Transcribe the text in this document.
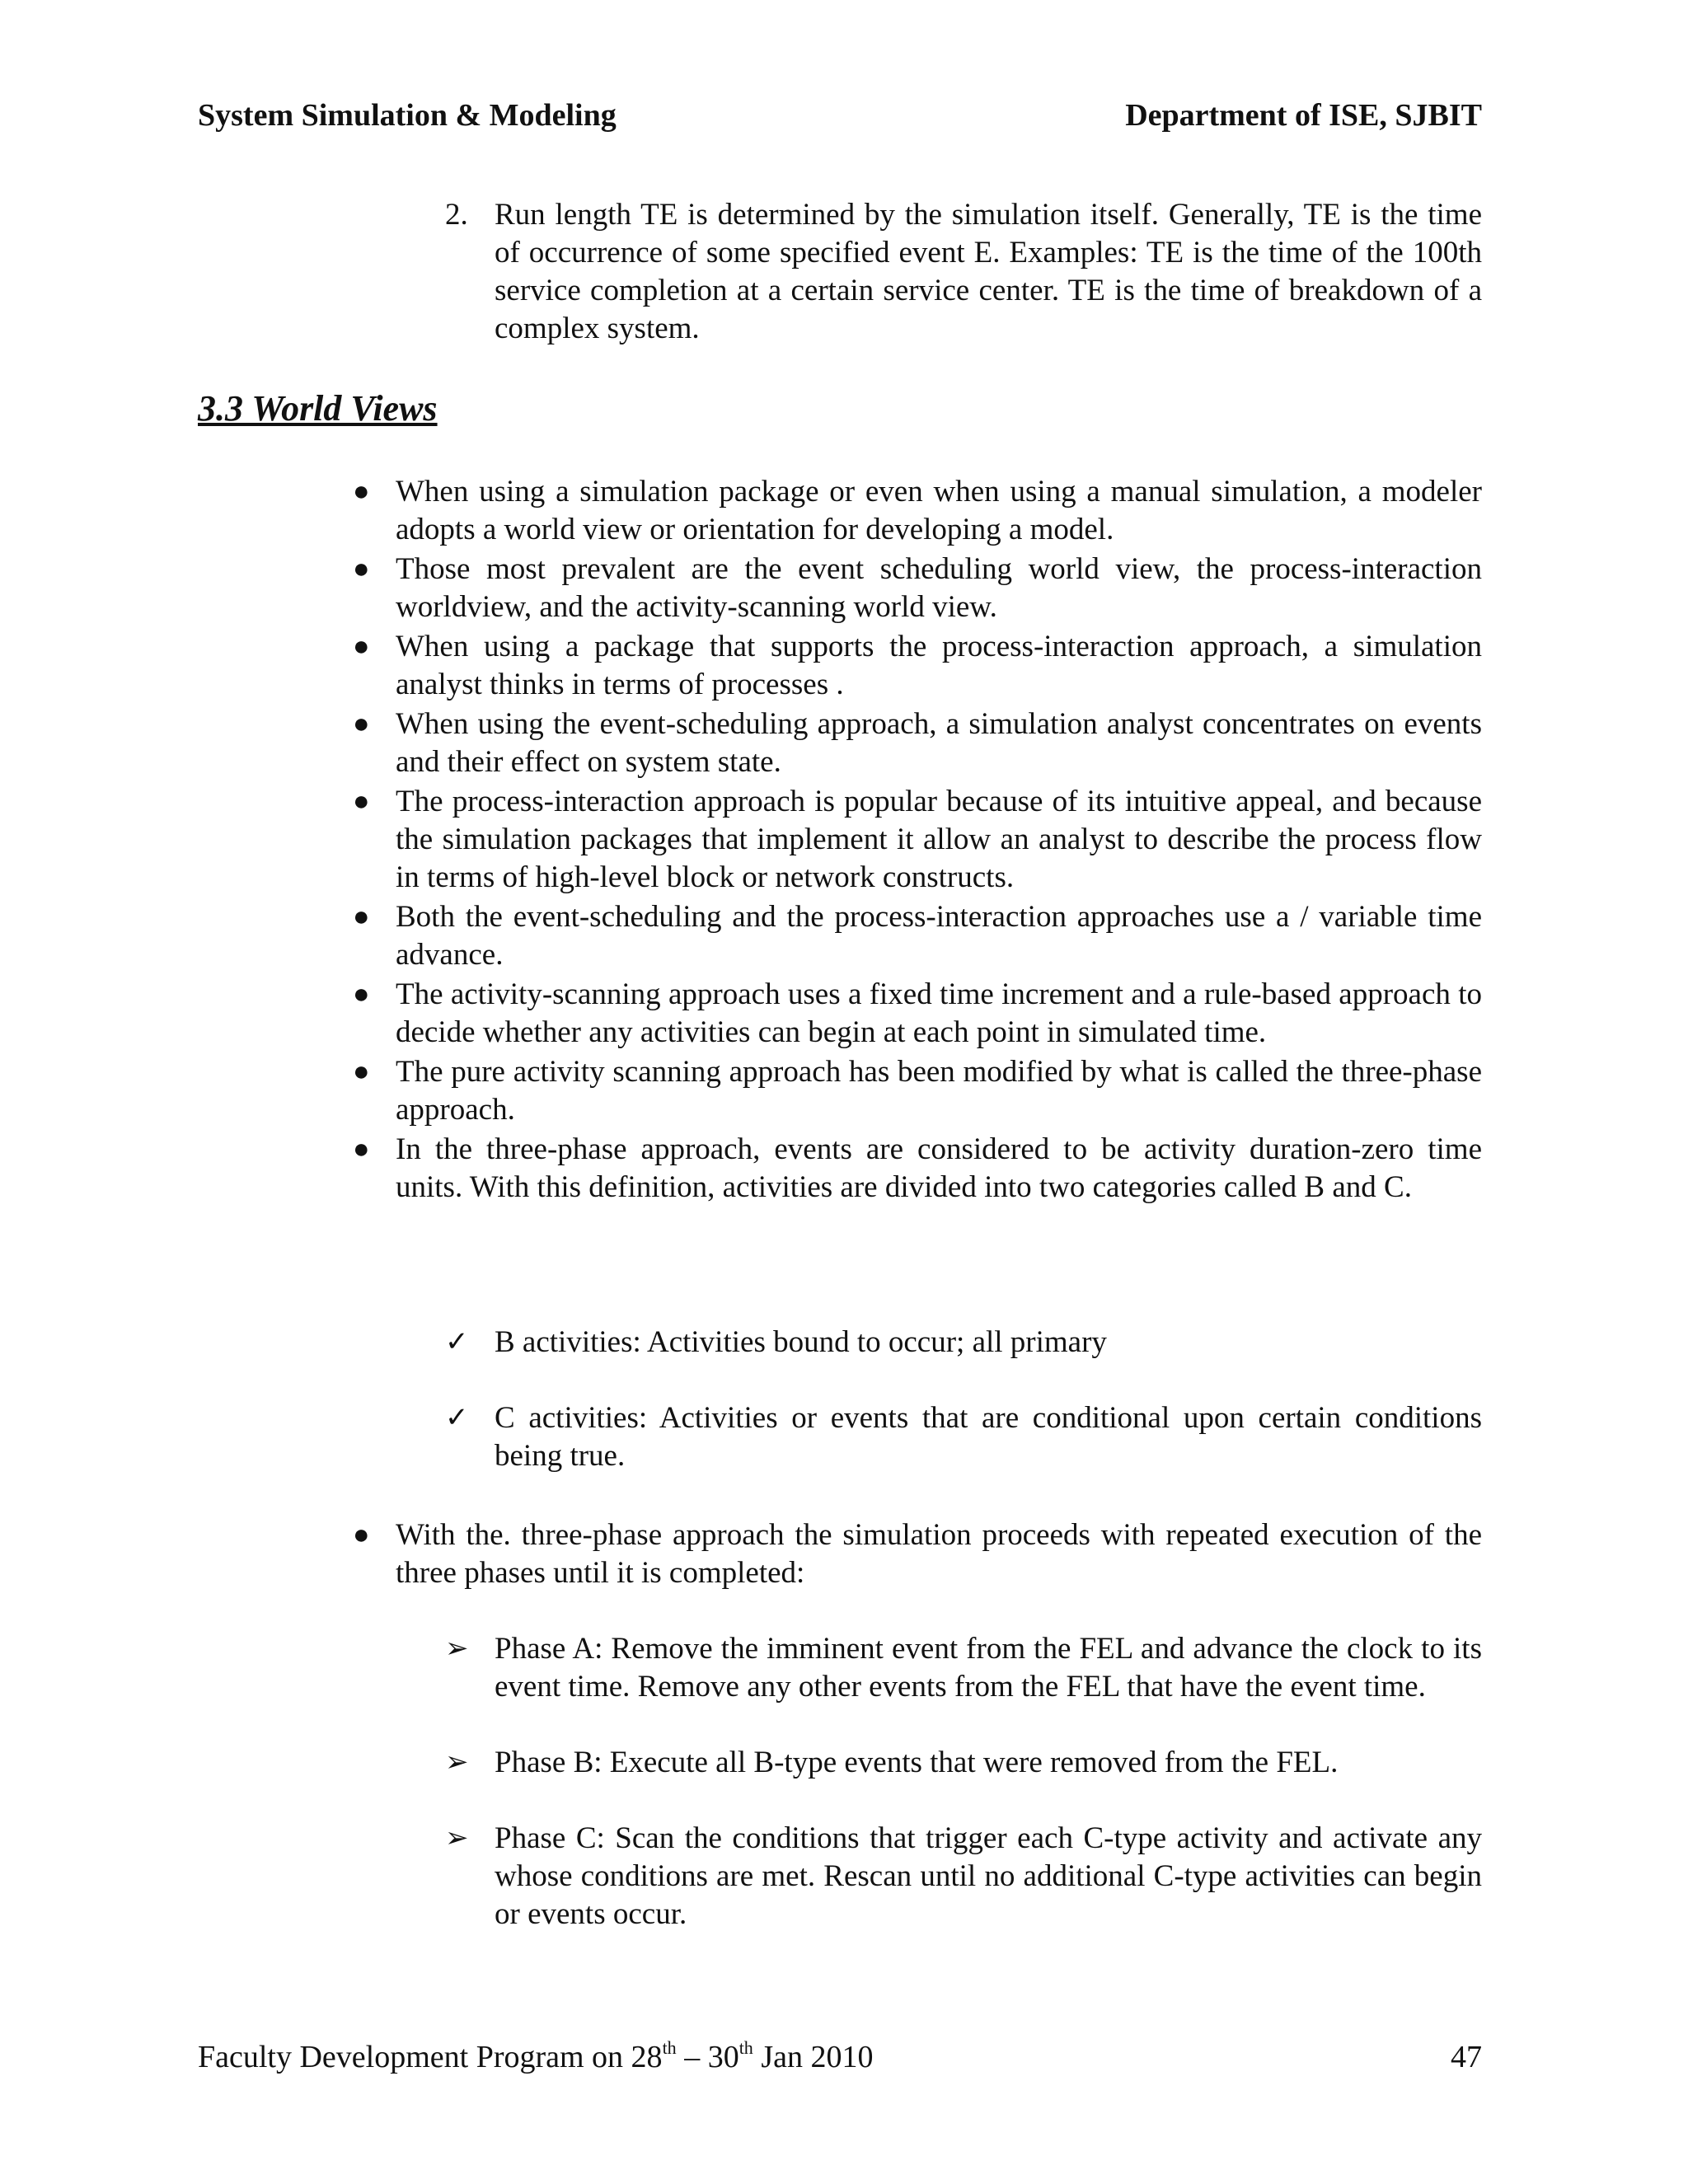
System Simulation & Modeling	Department of ISE, SJBIT
2. Run length TE is determined by the simulation itself. Generally, TE is the time of occurrence of some specified event E. Examples: TE is the time of the 100th service completion at a certain service center. TE is the time of breakdown of a complex system.
3.3 World Views
● When using a simulation package or even when using a manual simulation, a modeler adopts a world view or orientation for developing a model.
● Those most prevalent are the event scheduling world view, the process-interaction worldview, and the activity-scanning world view.
● When using a package that supports the process-interaction approach, a simulation analyst thinks in terms of processes .
● When using the event-scheduling approach, a simulation analyst concentrates on events and their effect on system state.
● The process-interaction approach is popular because of its intuitive appeal, and because the simulation packages that implement it allow an analyst to describe the process flow in terms of high-level block or network constructs.
● Both the event-scheduling and the process-interaction approaches use a / variable time advance.
● The activity-scanning approach uses a fixed time increment and a rule-based approach to decide whether any activities can begin at each point in simulated time.
● The pure activity scanning approach has been modified by what is called the three-phase approach.
● In the three-phase approach, events are considered to be activity duration-zero time units. With this definition, activities are divided into two categories called B and C.
✓ B activities: Activities bound to occur; all primary
✓ C activities: Activities or events that are conditional upon certain conditions being true.
● With the. three-phase approach the simulation proceeds with repeated execution of the three phases until it is completed:
➢ Phase A: Remove the imminent event from the FEL and advance the clock to its event time. Remove any other events from the FEL that have the event time.
➢ Phase B: Execute all B-type events that were removed from the FEL.
➢ Phase C: Scan the conditions that trigger each C-type activity and activate any whose conditions are met. Rescan until no additional C-type activities can begin or events occur.
Faculty Development Program on 28th – 30th Jan 2010	47
